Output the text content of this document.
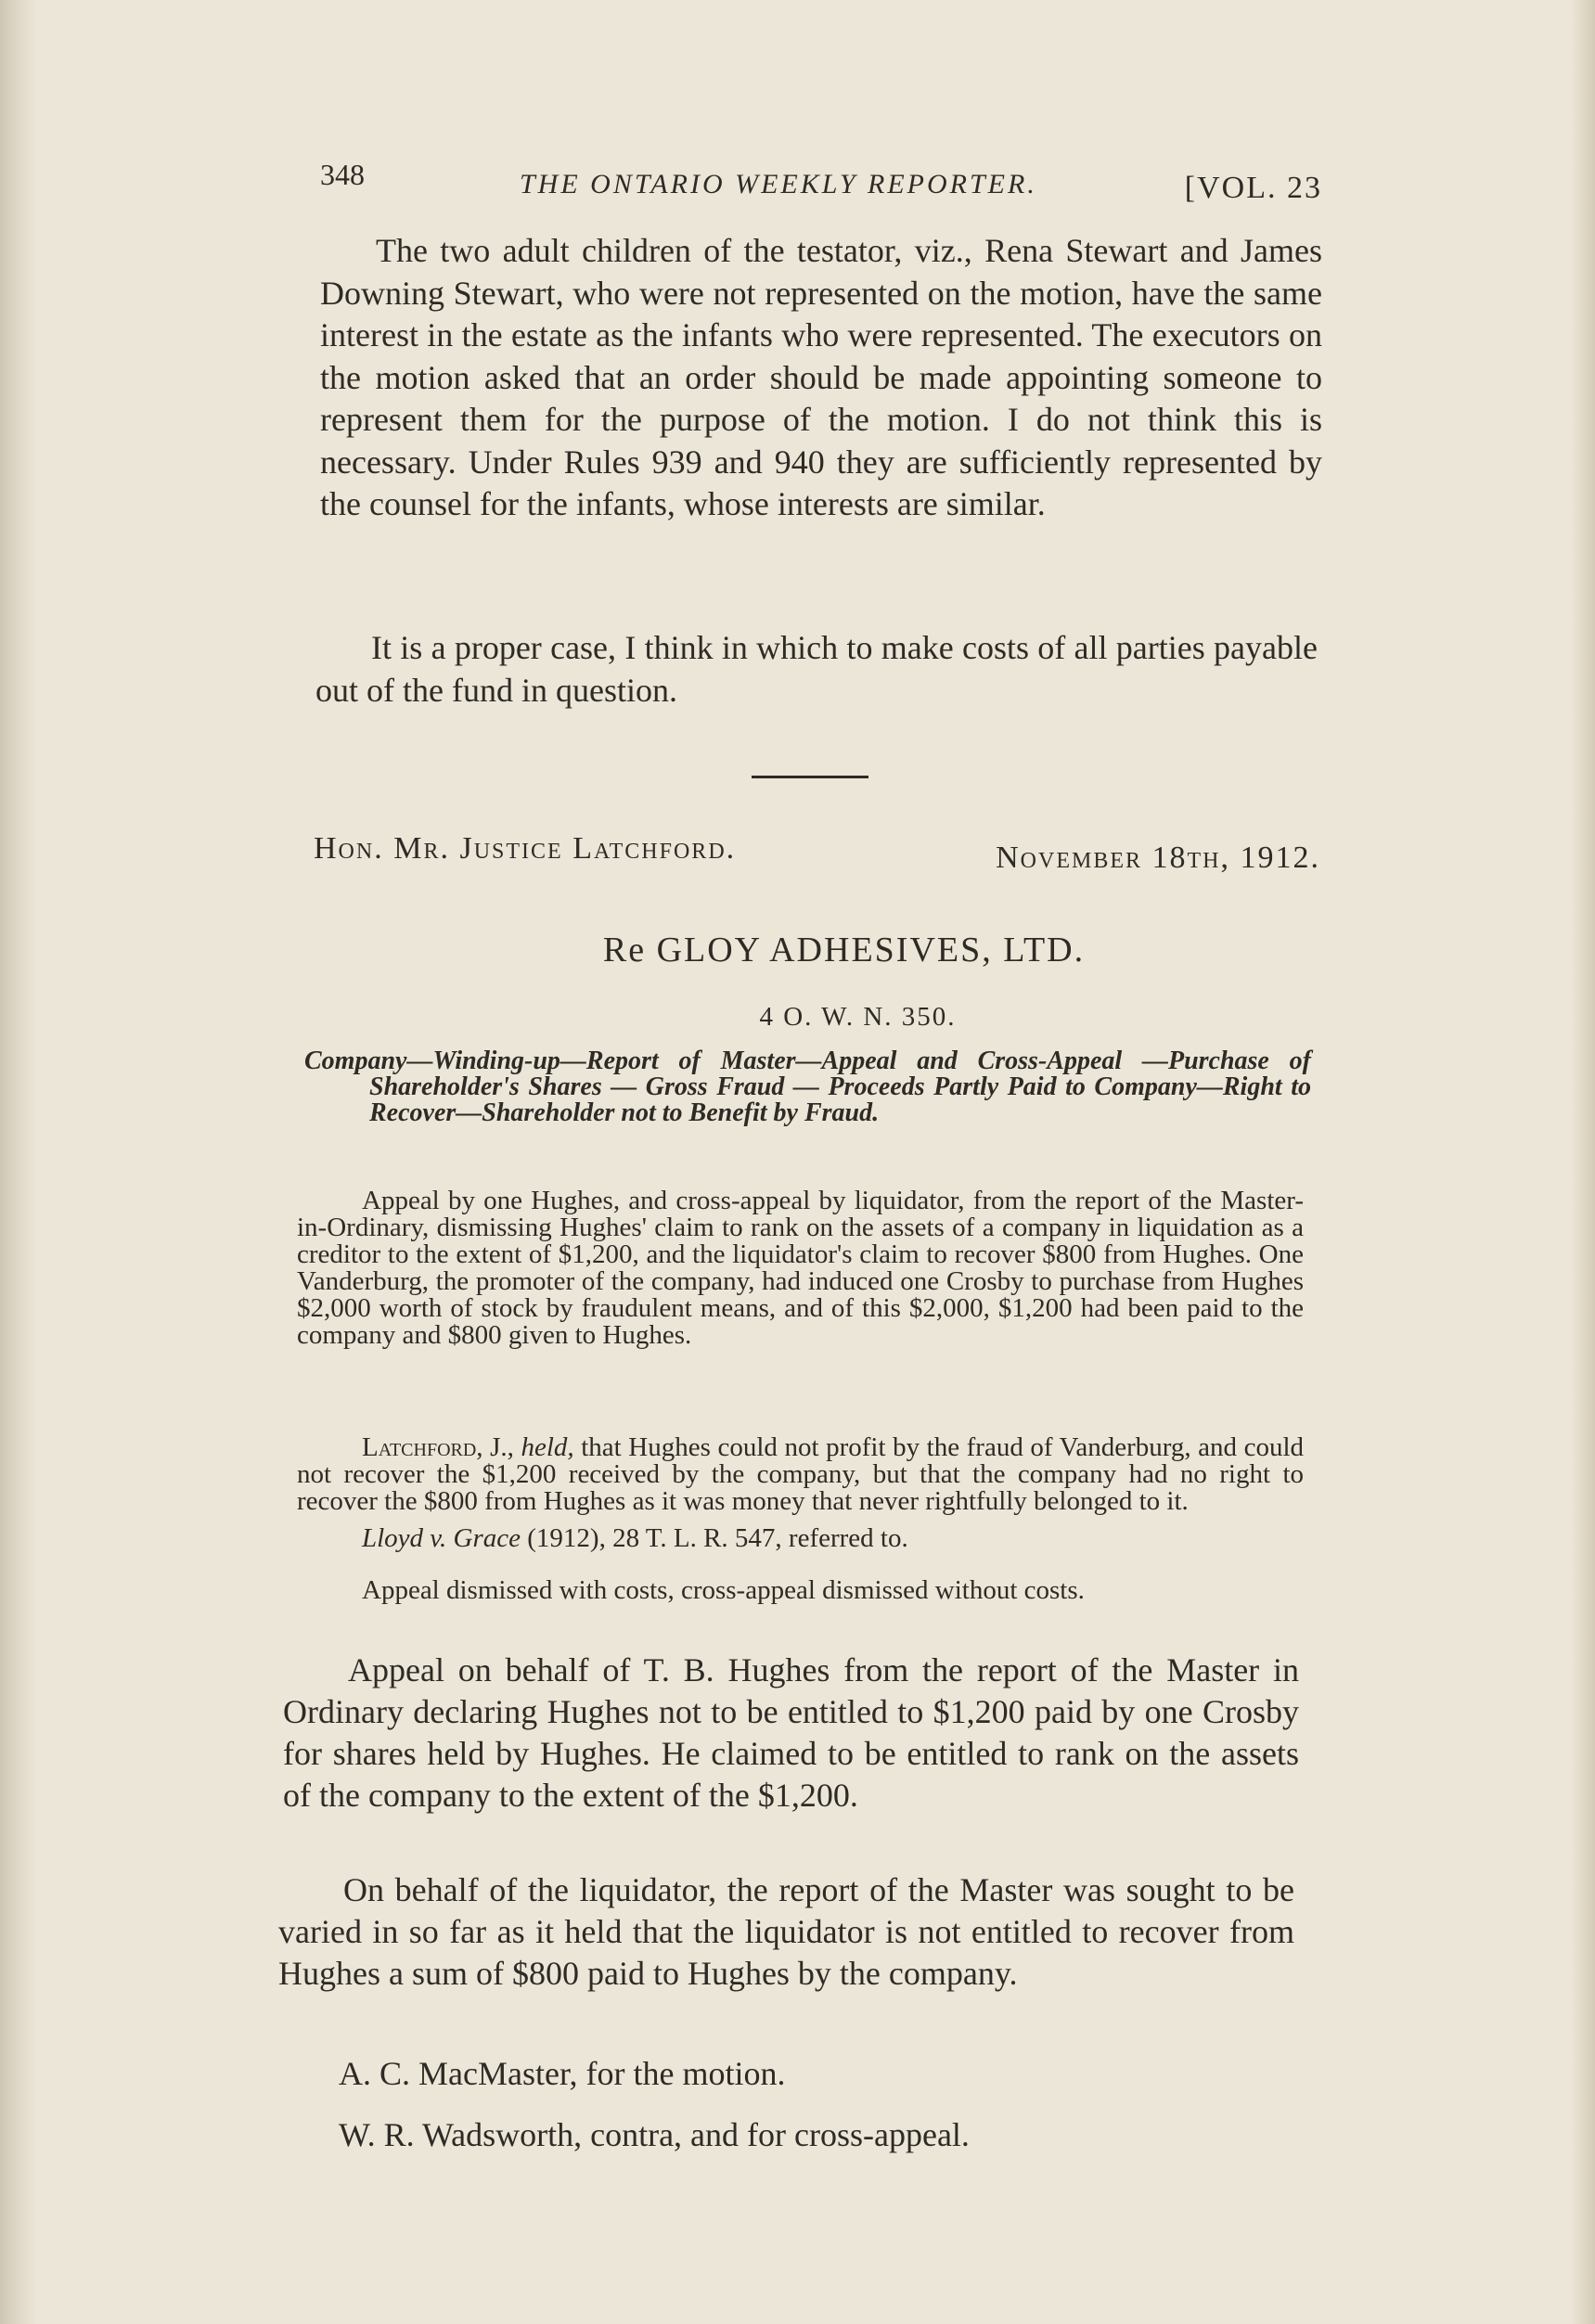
348	THE ONTARIO WEEKLY REPORTER.	[VOL. 23

The two adult children of the testator, viz., Rena Stewart and James Downing Stewart, who were not represented on the motion, have the same interest in the estate as the infants who were represented. The executors on the motion asked that an order should be made appointing someone to represent them for the purpose of the motion. I do not think this is necessary. Under Rules 939 and 940 they are sufficiently represented by the counsel for the infants, whose interests are similar.

It is a proper case, I think in which to make costs of all parties payable out of the fund in question.

Hon. Mr. Justice Latchford.	November 18th, 1912.
Re GLOY ADHESIVES, LTD.
4 O. W. N. 350.

Company—Winding-up—Report of Master—Appeal and Cross-Appeal —Purchase of Shareholder's Shares — Gross Fraud — Proceeds Partly Paid to Company—Right to Recover—Shareholder not to Benefit by Fraud.

Appeal by one Hughes, and cross-appeal by liquidator, from the report of the Master-in-Ordinary, dismissing Hughes' claim to rank on the assets of a company in liquidation as a creditor to the extent of $1,200, and the liquidator's claim to recover $800 from Hughes. One Vanderburg, the promoter of the company, had induced one Crosby to purchase from Hughes $2,000 worth of stock by fraudulent means, and of this $2,000, $1,200 had been paid to the company and $800 given to Hughes.

Latchford, J., held, that Hughes could not profit by the fraud of Vanderburg, and could not recover the $1,200 received by the company, but that the company had no right to recover the $800 from Hughes as it was money that never rightfully belonged to it.

Lloyd v. Grace (1912), 28 T. L. R. 547, referred to.

Appeal dismissed with costs, cross-appeal dismissed without costs.

Appeal on behalf of T. B. Hughes from the report of the Master in Ordinary declaring Hughes not to be entitled to $1,200 paid by one Crosby for shares held by Hughes. He claimed to be entitled to rank on the assets of the company to the extent of the $1,200.

On behalf of the liquidator, the report of the Master was sought to be varied in so far as it held that the liquidator is not entitled to recover from Hughes a sum of $800 paid to Hughes by the company.

A. C. MacMaster, for the motion.

W. R. Wadsworth, contra, and for cross-appeal.
